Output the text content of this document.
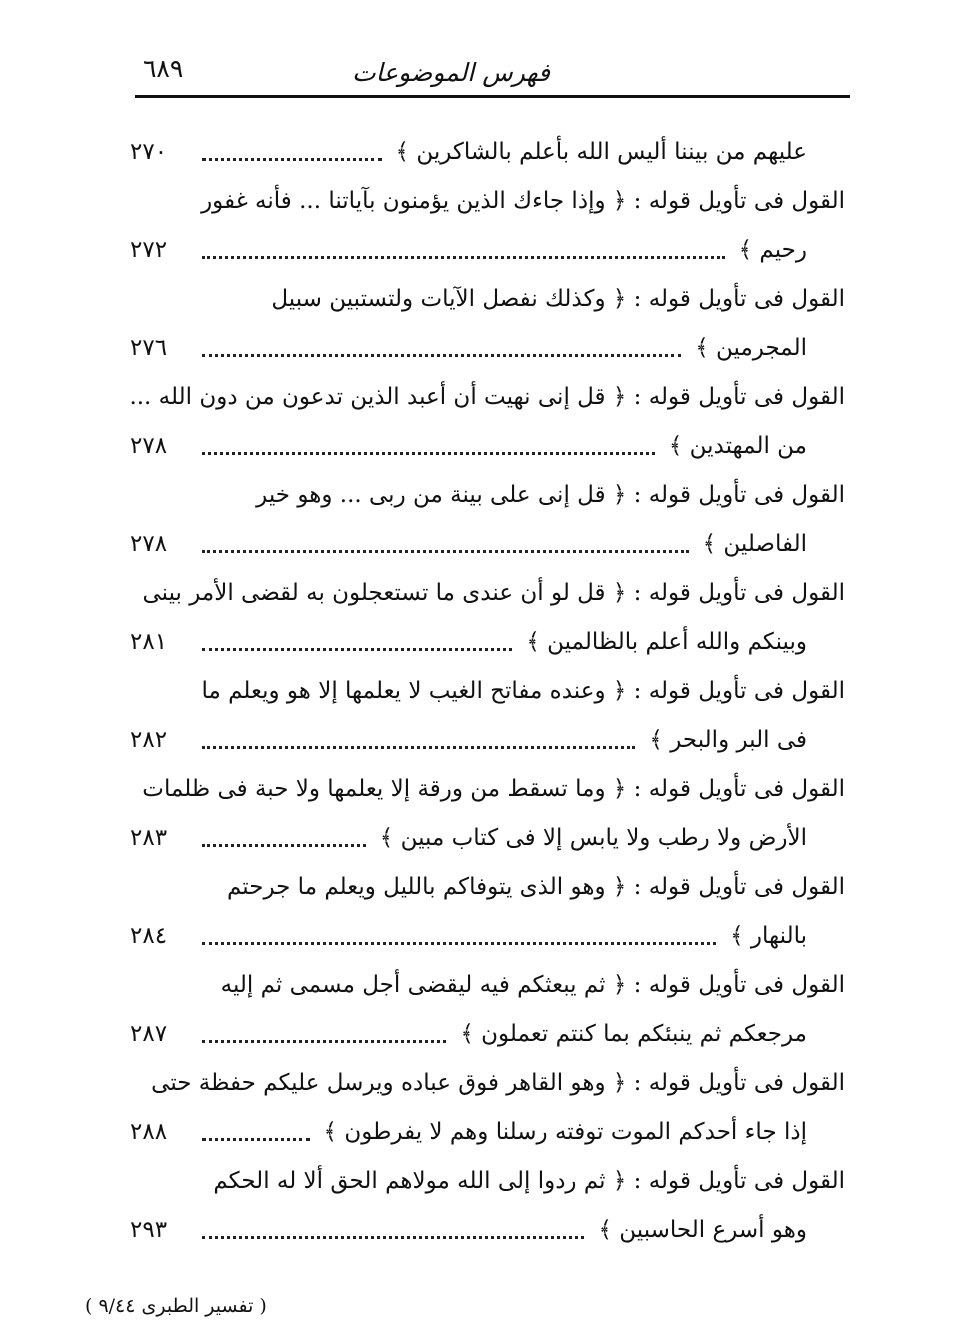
فهرس الموضوعات
٦٨٩
عليهم من بيننا أليس الله بأعلم بالشاكرين ﴾
٢٧٠
القول فى تأويل قوله : ﴿ وإذا جاءك الذين يؤمنون بآياتنا ... فأنه غفور
رحيم ﴾
٢٧٢
القول فى تأويل قوله : ﴿ وكذلك نفصل الآيات ولتستبين سبيل
المجرمين ﴾
٢٧٦
القول فى تأويل قوله : ﴿ قل إنى نهيت أن أعبد الذين تدعون من دون الله ...
من المهتدين ﴾
٢٧٨
القول فى تأويل قوله : ﴿ قل إنى على بينة من ربى ... وهو خير
الفاصلين ﴾
٢٧٨
القول فى تأويل قوله : ﴿ قل لو أن عندى ما تستعجلون به لقضى الأمر بينى
وبينكم والله أعلم بالظالمين ﴾
٢٨١
القول فى تأويل قوله : ﴿ وعنده مفاتح الغيب لا يعلمها إلا هو ويعلم ما
فى البر والبحر ﴾
٢٨٢
القول فى تأويل قوله : ﴿ وما تسقط من ورقة إلا يعلمها ولا حبة فى ظلمات
الأرض ولا رطب ولا يابس إلا فى كتاب مبين ﴾
٢٨٣
القول فى تأويل قوله : ﴿ وهو الذى يتوفاكم بالليل ويعلم ما جرحتم
بالنهار ﴾
٢٨٤
القول فى تأويل قوله : ﴿ ثم يبعثكم فيه ليقضى أجل مسمى ثم إليه
مرجعكم ثم ينبئكم بما كنتم تعملون ﴾
٢٨٧
القول فى تأويل قوله : ﴿ وهو القاهر فوق عباده ويرسل عليكم حفظة حتى
إذا جاء أحدكم الموت توفته رسلنا وهم لا يفرطون ﴾
٢٨٨
القول فى تأويل قوله : ﴿ ثم ردوا إلى الله مولاهم الحق ألا له الحكم
وهو أسرع الحاسبين ﴾
٢٩٣
( تفسير الطبرى ٩/٤٤ )
